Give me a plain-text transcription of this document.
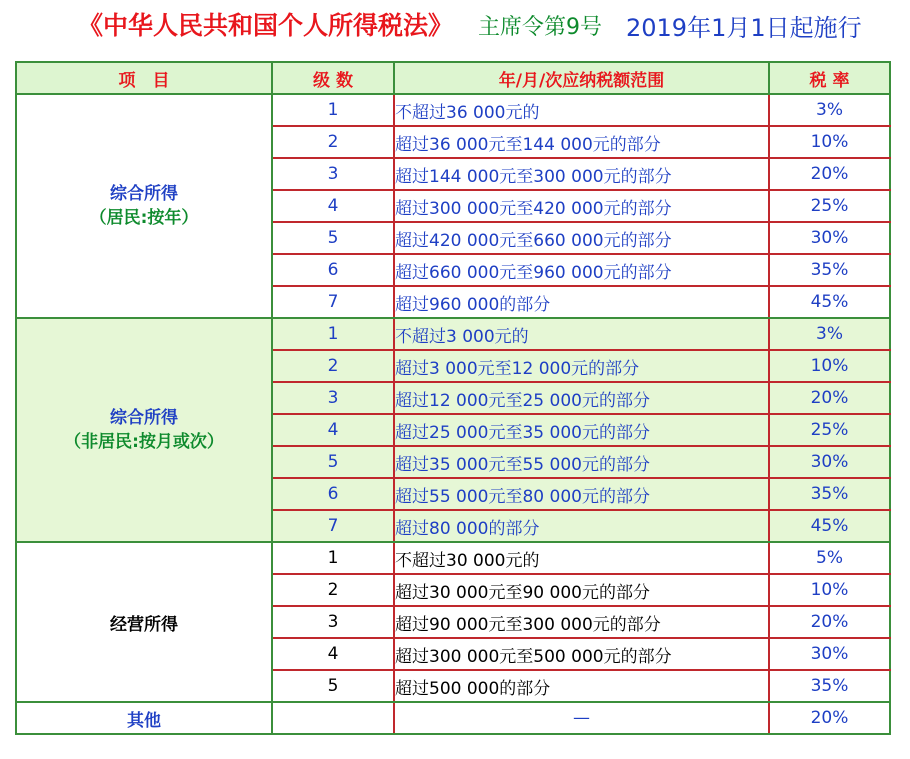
《中华人民共和国个人所得税法》 主席令第9号 2019年1月1日起施行
项　目	级 数	年/月/次应纳税额范围	税 率

综合所得
（居民:按年）	1	不超过36 000元的	3%
	2	超过36 000元至144 000元的部分	10%
	3	超过144 000元至300 000元的部分	20%
	4	超过300 000元至420 000元的部分	25%
	5	超过420 000元至660 000元的部分	30%
	6	超过660 000元至960 000元的部分	35%
	7	超过960 000的部分	45%

综合所得
（非居民:按月或次）	1	不超过3 000元的	3%
	2	超过3 000元至12 000元的部分	10%
	3	超过12 000元至25 000元的部分	20%
	4	超过25 000元至35 000元的部分	25%
	5	超过35 000元至55 000元的部分	30%
	6	超过55 000元至80 000元的部分	35%
	7	超过80 000的部分	45%
经营所得	1	不超过30 000元的	5%
	2	超过30 000元至90 000元的部分	10%
	3	超过90 000元至300 000元的部分	20%
	4	超过300 000元至500 000元的部分	30%
	5	超过500 000的部分	35%
其他		—	20%
